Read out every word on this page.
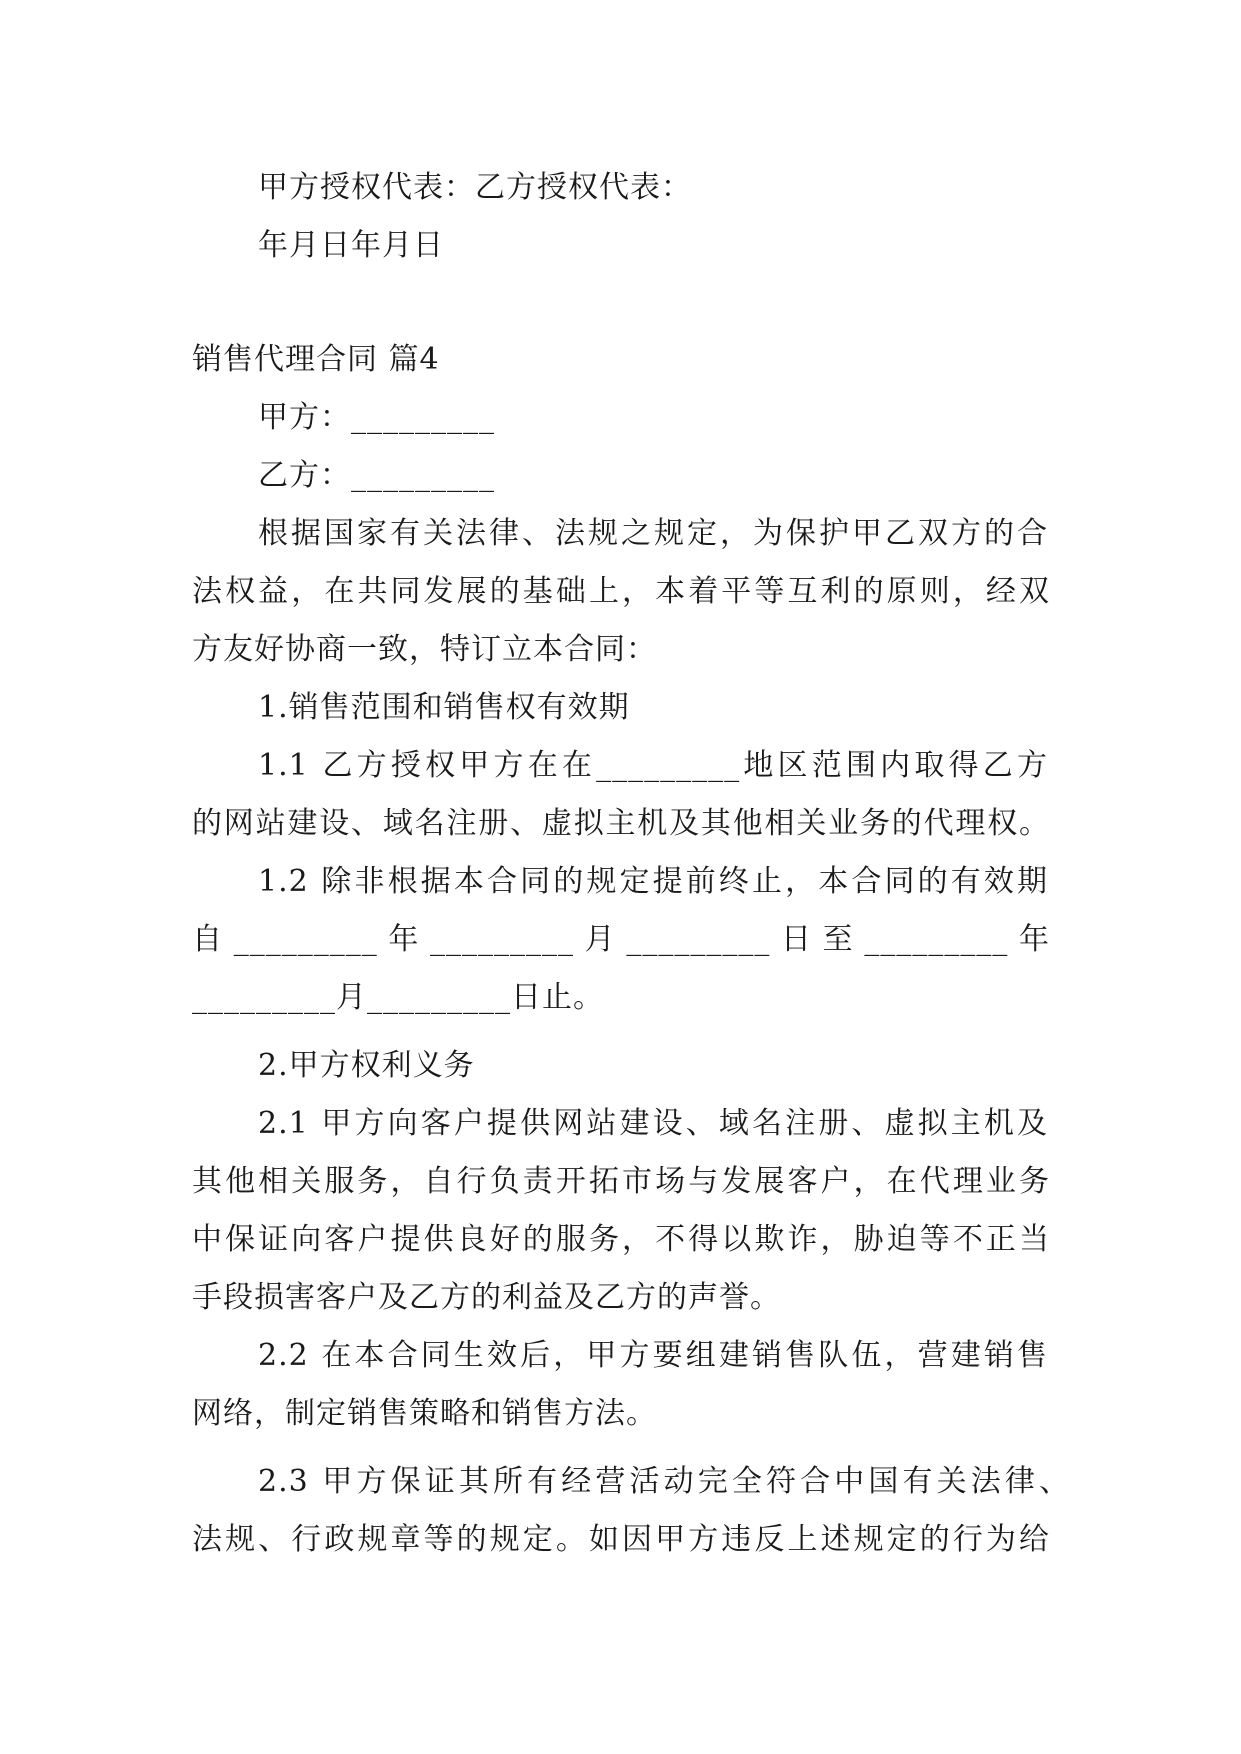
甲方授权代表：乙方授权代表：
年月日年月日
销售代理合同 篇4
甲方：_________
乙方：_________
根据国家有关法律、法规之规定，为保护甲乙双方的合
法权益，在共同发展的基础上，本着平等互利的原则，经双
方友好协商一致，特订立本合同：
1.销售范围和销售权有效期
1.1 乙方授权甲方在在_________地区范围内取得乙方
的网站建设、域名注册、虚拟主机及其他相关业务的代理权。
1.2 除非根据本合同的规定提前终止，本合同的有效期
自 _________ 年 _________ 月 _________ 日 至 _________ 年
_________月_________日止。
2.甲方权利义务
2.1 甲方向客户提供网站建设、域名注册、虚拟主机及
其他相关服务，自行负责开拓市场与发展客户，在代理业务
中保证向客户提供良好的服务，不得以欺诈，胁迫等不正当
手段损害客户及乙方的利益及乙方的声誉。
2.2 在本合同生效后，甲方要组建销售队伍，营建销售
网络，制定销售策略和销售方法。
2.3 甲方保证其所有经营活动完全符合中国有关法律、
法规、行政规章等的规定。如因甲方违反上述规定的行为给
